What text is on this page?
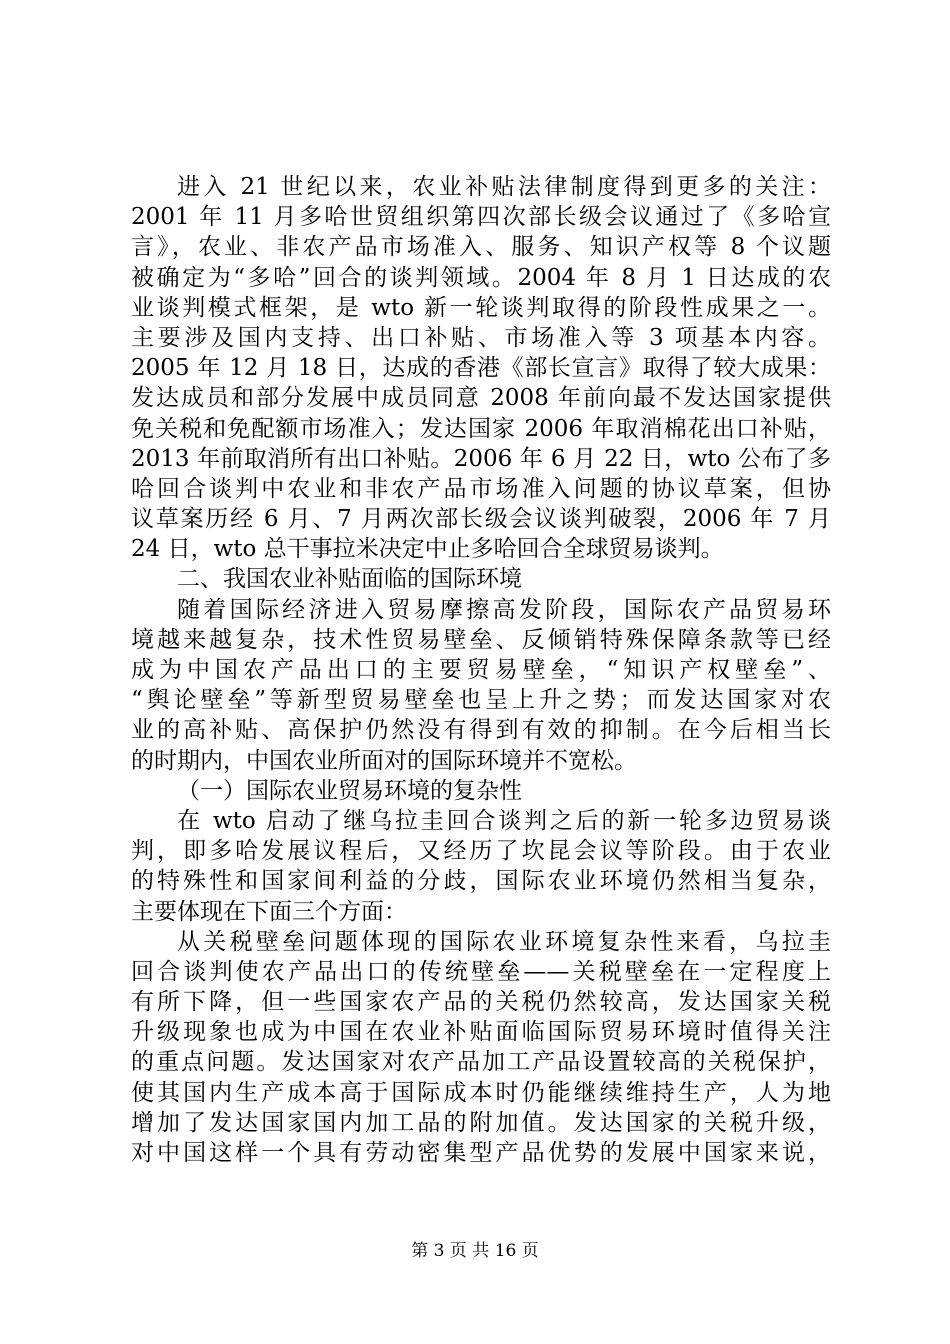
进入 21 世纪以来，农业补贴法律制度得到更多的关注：
2001 年 11 月多哈世贸组织第四次部长级会议通过了《多哈宣
言》，农业、非农产品市场准入、服务、知识产权等 8 个议题
被确定为“多哈”回合的谈判领域。2004 年 8 月 1 日达成的农
业谈判模式框架，是 wto 新一轮谈判取得的阶段性成果之一。
主要涉及国内支持、出口补贴、市场准入等 3 项基本内容。
2005 年 12 月 18 日，达成的香港《部长宣言》取得了较大成果：
发达成员和部分发展中成员同意 2008 年前向最不发达国家提供
免关税和免配额市场准入；发达国家 2006 年取消棉花出口补贴，
2013 年前取消所有出口补贴。2006 年 6 月 22 日，wto 公布了多
哈回合谈判中农业和非农产品市场准入问题的协议草案，但协
议草案历经 6 月、7 月两次部长级会议谈判破裂，2006 年 7 月
24 日，wto 总干事拉米决定中止多哈回合全球贸易谈判。
二、我国农业补贴面临的国际环境
随着国际经济进入贸易摩擦高发阶段，国际农产品贸易环
境越来越复杂，技术性贸易壁垒、反倾销特殊保障条款等已经
成为中国农产品出口的主要贸易壁垒，“知识产权壁垒”、
“舆论壁垒”等新型贸易壁垒也呈上升之势；而发达国家对农
业的高补贴、高保护仍然没有得到有效的抑制。在今后相当长
的时期内，中国农业所面对的国际环境并不宽松。
（一）国际农业贸易环境的复杂性
在 wto 启动了继乌拉圭回合谈判之后的新一轮多边贸易谈
判，即多哈发展议程后，又经历了坎昆会议等阶段。由于农业
的特殊性和国家间利益的分歧，国际农业环境仍然相当复杂，
主要体现在下面三个方面：
从关税壁垒问题体现的国际农业环境复杂性来看，乌拉圭
回合谈判使农产品出口的传统壁垒——关税壁垒在一定程度上
有所下降，但一些国家农产品的关税仍然较高，发达国家关税
升级现象也成为中国在农业补贴面临国际贸易环境时值得关注
的重点问题。发达国家对农产品加工产品设置较高的关税保护，
使其国内生产成本高于国际成本时仍能继续维持生产，人为地
增加了发达国家国内加工品的附加值。发达国家的关税升级，
对中国这样一个具有劳动密集型产品优势的发展中国家来说，
第 3 页 共 16 页
